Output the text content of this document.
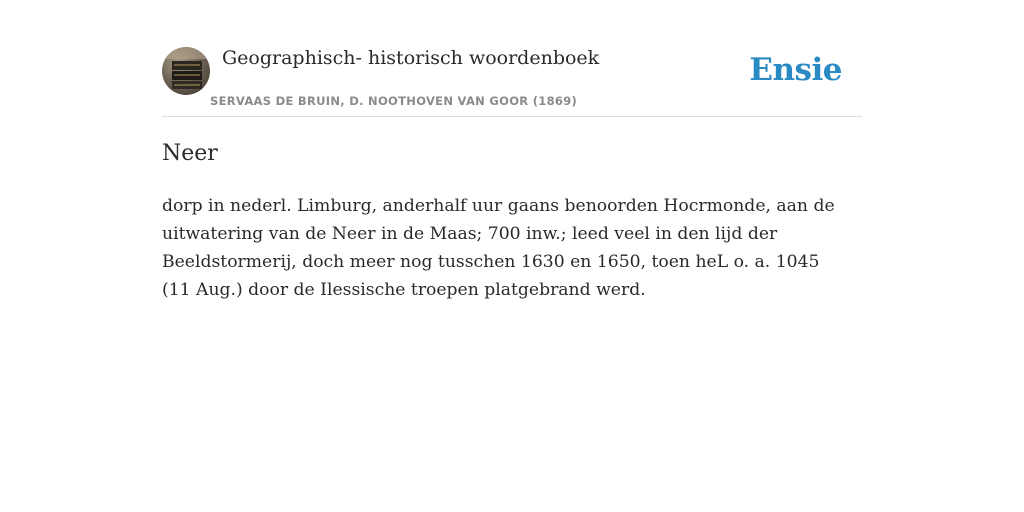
Geographisch- historisch woordenboek
SERVAAS DE BRUIN, D. NOOTHOVEN VAN GOOR (1869)
Ensie
Neer

dorp in nederl. Limburg, anderhalf uur gaans benoorden Hocrmonde, aan de uitwatering van de Neer in de Maas; 700 inw.; leed veel in den lijd der Beeldstormerij, doch meer nog tusschen 1630 en 1650, toen heL o. a. 1045 (11 Aug.) door de Ilessische troepen platgebrand werd.
